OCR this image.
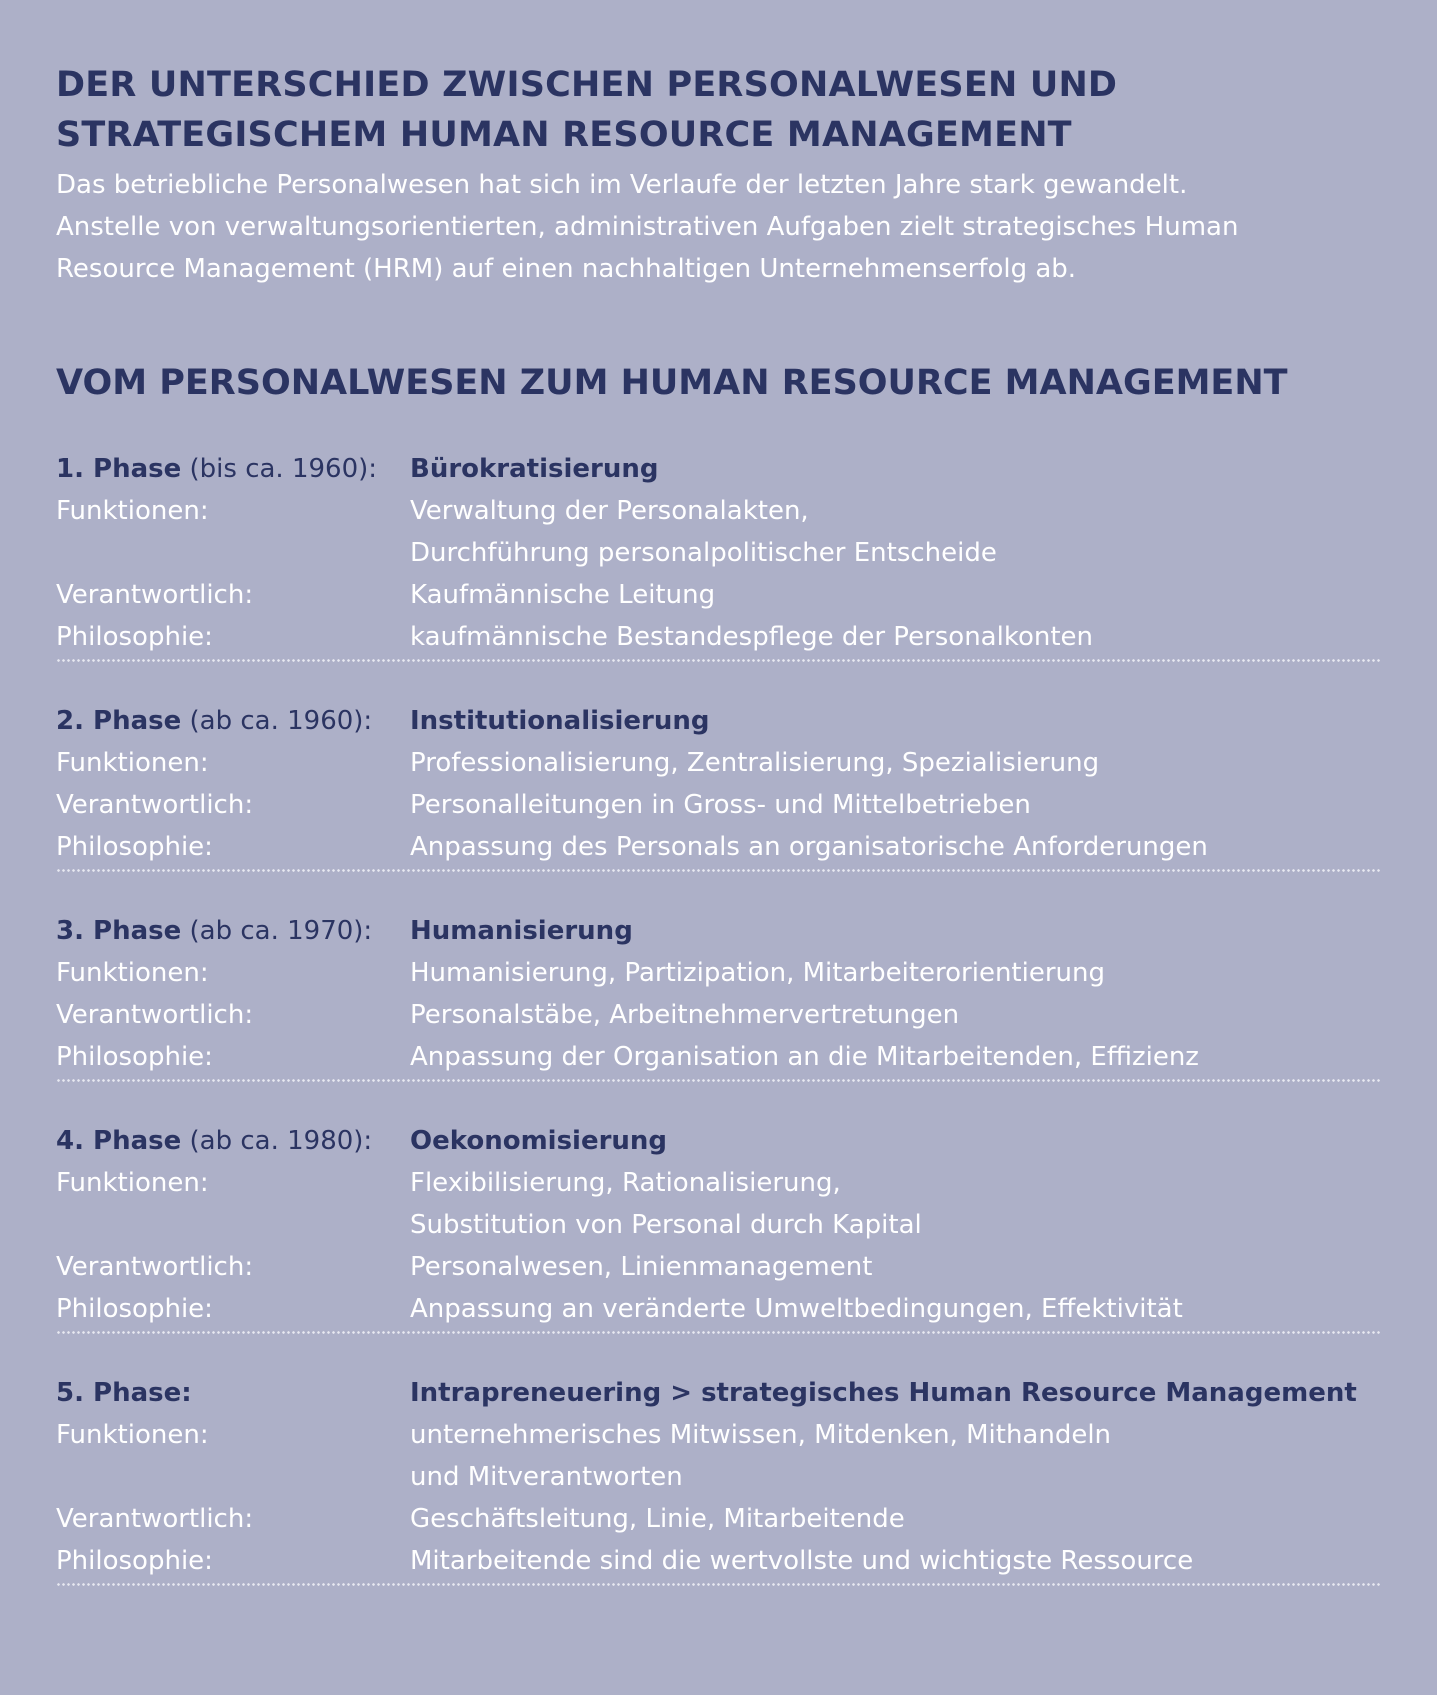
DER UNTERSCHIED ZWISCHEN PERSONALWESEN UND
STRATEGISCHEM HUMAN RESOURCE MANAGEMENT

Das betriebliche Personalwesen hat sich im Verlaufe der letzten Jahre stark gewandelt.

Anstelle von verwaltungsorientierten, administrativen Aufgaben zielt strategisches Human

Resource Management (HRM) auf einen nachhaltigen Unternehmenserfolg ab.

VOM PERSONALWESEN ZUM HUMAN RESOURCE MANAGEMENT
1. Phase (bis ca. 1960):	Bürokratisierung
Funktionen:	Verwaltung der Personalakten,
Durchführung personalpolitischer Entscheide
Verantwortlich:	Kaufmännische Leitung
Philosophie:	kaufmännische Bestandespflege der Personalkonten
2. Phase (ab ca. 1960):	Institutionalisierung
Funktionen:	Professionalisierung, Zentralisierung, Spezialisierung
Verantwortlich:	Personalleitungen in Gross- und Mittelbetrieben
Philosophie:	Anpassung des Personals an organisatorische Anforderungen
3. Phase (ab ca. 1970):	Humanisierung
Funktionen:	Humanisierung, Partizipation, Mitarbeiterorientierung
Verantwortlich:	Personalstäbe, Arbeitnehmervertretungen
Philosophie:	Anpassung der Organisation an die Mitarbeitenden, Effizienz
4. Phase (ab ca. 1980):	Oekonomisierung
Funktionen:	Flexibilisierung, Rationalisierung,
Substitution von Personal durch Kapital
Verantwortlich:	Personalwesen, Linienmanagement
Philosophie:	Anpassung an veränderte Umweltbedingungen, Effektivität
5. Phase:	Intrapreneuering > strategisches Human Resource Management
Funktionen:	unternehmerisches Mitwissen, Mitdenken, Mithandeln
und Mitverantworten
Verantwortlich:	Geschäftsleitung, Linie, Mitarbeitende
Philosophie:	Mitarbeitende sind die wertvollste und wichtigste Ressource
